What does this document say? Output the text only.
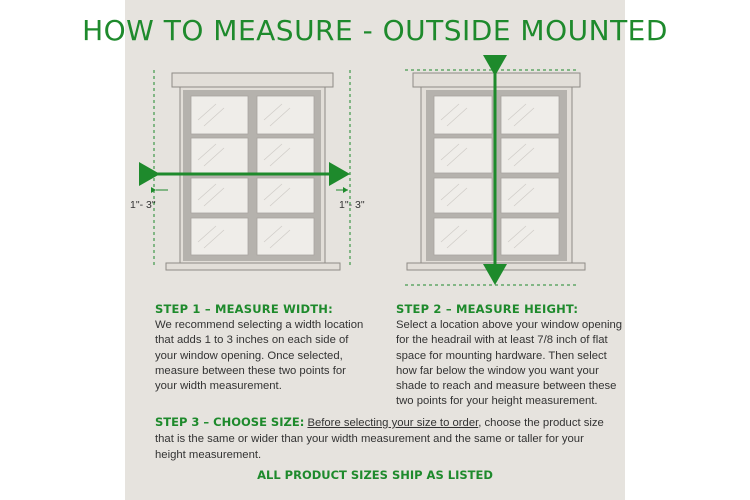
HOW TO MEASURE - OUTSIDE MOUNTED
1"- 3"	1"- 3"
STEP 1 – MEASURE WIDTH:
We recommend selecting a width location
that adds 1 to 3 inches on each side of
your window opening. Once selected,
measure between these two points for
your width measurement.
STEP 2 – MEASURE HEIGHT:
Select a location above your window opening
for the headrail with at least 7/8 inch of flat
space for mounting hardware. Then select
how far below the window you want your
shade to reach and measure between these
two points for your height measurement.
STEP 3 – CHOOSE SIZE: Before selecting your size to order, choose the product size that is the same or wider than your width measurement and the same or taller for your height measurement.
ALL PRODUCT SIZES SHIP AS LISTED
